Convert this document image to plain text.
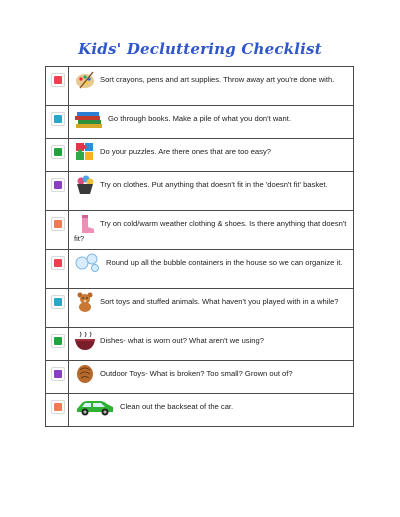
Kids' Decluttering Checklist

Sort crayons, pens and art supplies. Throw away art you're done with.

Go through books. Make a pile of what you don't want.

Do your puzzles. Are there ones that are too easy?

Try on clothes. Put anything that doesn't fit in the 'doesn't fit' basket.

Try on cold/warm weather clothing & shoes. Is there anything that doesn't fit?

Round up all the bubble containers in the house so we can organize it.

Sort toys and stuffed animals. What haven't you played with in a while?

Dishes- what is worn out? What aren't we using?

Outdoor Toys- What is broken? Too small? Grown out of?

Clean out the backseat of the car.
